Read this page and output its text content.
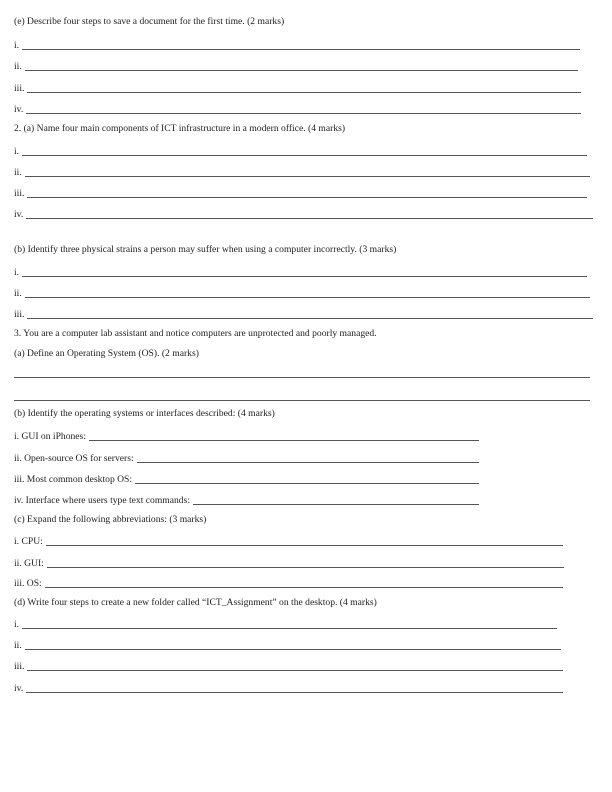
(e) Describe four steps to save a document for the first time. (2 marks)
i.
ii.
iii.
iv.
2. (a) Name four main components of ICT infrastructure in a modern office. (4 marks)
i.
ii.
iii.
iv.
(b) Identify three physical strains a person may suffer when using a computer incorrectly. (3 marks)
i.
ii.
iii.
3. You are a computer lab assistant and notice computers are unprotected and poorly managed.
(a) Define an Operating System (OS). (2 marks)
(b) Identify the operating systems or interfaces described: (4 marks)
i. GUI on iPhones:
ii. Open-source OS for servers:
iii. Most common desktop OS:
iv. Interface where users type text commands:
(c) Expand the following abbreviations: (3 marks)
i. CPU:
ii. GUI:
iii. OS:
(d) Write four steps to create a new folder called “ICT_Assignment” on the desktop. (4 marks)
i.
ii.
iii.
iv.
